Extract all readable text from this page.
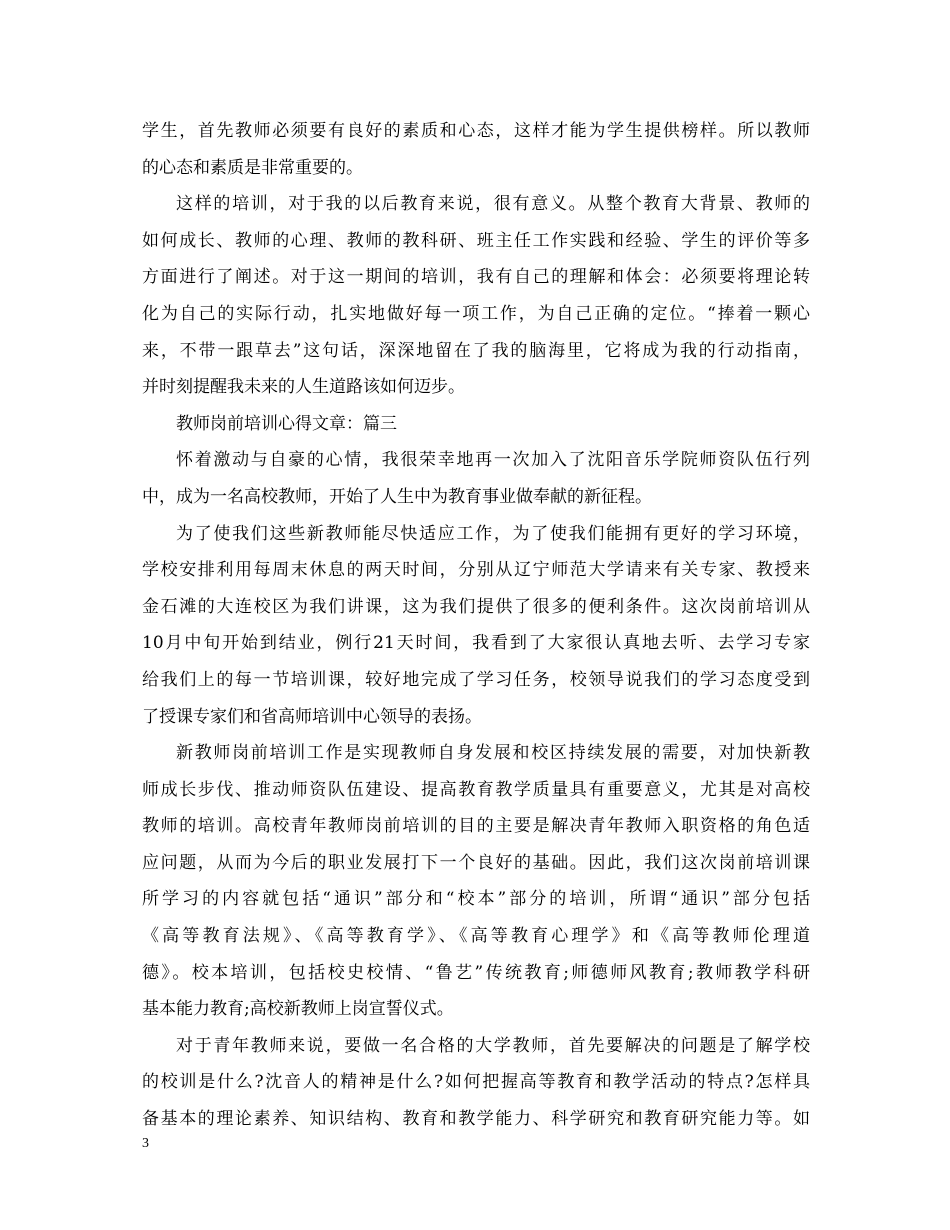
学生，首先教师必须要有良好的素质和心态，这样才能为学生提供榜样。所以教师
的心态和素质是非常重要的。
这样的培训，对于我的以后教育来说，很有意义。从整个教育大背景、教师的
如何成长、教师的心理、教师的教科研、班主任工作实践和经验、学生的评价等多
方面进行了阐述。对于这一期间的培训，我有自己的理解和体会：必须要将理论转
化为自己的实际行动，扎实地做好每一项工作，为自己正确的定位。“捧着一颗心
来，不带一跟草去”这句话，深深地留在了我的脑海里，它将成为我的行动指南，
并时刻提醒我未来的人生道路该如何迈步。
教师岗前培训心得文章：篇三
怀着激动与自豪的心情，我很荣幸地再一次加入了沈阳音乐学院师资队伍行列
中，成为一名高校教师，开始了人生中为教育事业做奉献的新征程。
为了使我们这些新教师能尽快适应工作，为了使我们能拥有更好的学习环境，
学校安排利用每周末休息的两天时间，分别从辽宁师范大学请来有关专家、教授来
金石滩的大连校区为我们讲课，这为我们提供了很多的便利条件。这次岗前培训从
10月中旬开始到结业，例行21天时间，我看到了大家很认真地去听、去学习专家
给我们上的每一节培训课，较好地完成了学习任务，校领导说我们的学习态度受到
了授课专家们和省高师培训中心领导的表扬。
新教师岗前培训工作是实现教师自身发展和校区持续发展的需要，对加快新教
师成长步伐、推动师资队伍建设、提高教育教学质量具有重要意义，尤其是对高校
教师的培训。高校青年教师岗前培训的目的主要是解决青年教师入职资格的角色适
应问题，从而为今后的职业发展打下一个良好的基础。因此，我们这次岗前培训课
所学习的内容就包括“通识”部分和“校本”部分的培训，所谓“通识”部分包括
《高等教育法规》、《高等教育学》、《高等教育心理学》和《高等教师伦理道
德》。校本培训，包括校史校情、“鲁艺”传统教育;师德师风教育;教师教学科研
基本能力教育;高校新教师上岗宣誓仪式。
对于青年教师来说，要做一名合格的大学教师，首先要解决的问题是了解学校
的校训是什么?沈音人的精神是什么?如何把握高等教育和教学活动的特点?怎样具
备基本的理论素养、知识结构、教育和教学能力、科学研究和教育研究能力等。如
3
